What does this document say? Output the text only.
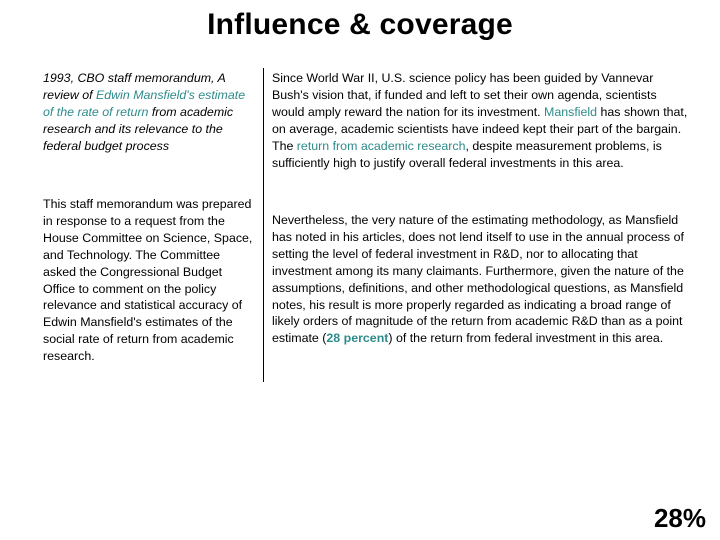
Influence & coverage

1993, CBO staff memorandum, A review of Edwin Mansfield's estimate of the rate of return from academic research and its relevance to the federal budget process

This staff memorandum was prepared in response to a request from the House Committee on Science, Space, and Technology. The Committee asked the Congressional Budget Office to comment on the policy relevance and statistical accuracy of Edwin Mansfield's estimates of the social rate of return from academic research.

Since World War II, U.S. science policy has been guided by Vannevar Bush's vision that, if funded and left to set their own agenda, scientists would amply reward the nation for its investment. Mansfield has shown that, on average, academic scientists have indeed kept their part of the bargain. The return from academic research, despite measurement problems, is sufficiently high to justify overall federal investments in this area.

Nevertheless, the very nature of the estimating methodology, as Mansfield has noted in his articles, does not lend itself to use in the annual process of setting the level of federal investment in R&D, nor to allocating that investment among its many claimants. Furthermore, given the nature of the assumptions, definitions, and other methodological questions, as Mansfield notes, his result is more properly regarded as indicating a broad range of likely orders of magnitude of the return from academic R&D than as a point estimate (28 percent) of the return from federal investment in this area.

28%
